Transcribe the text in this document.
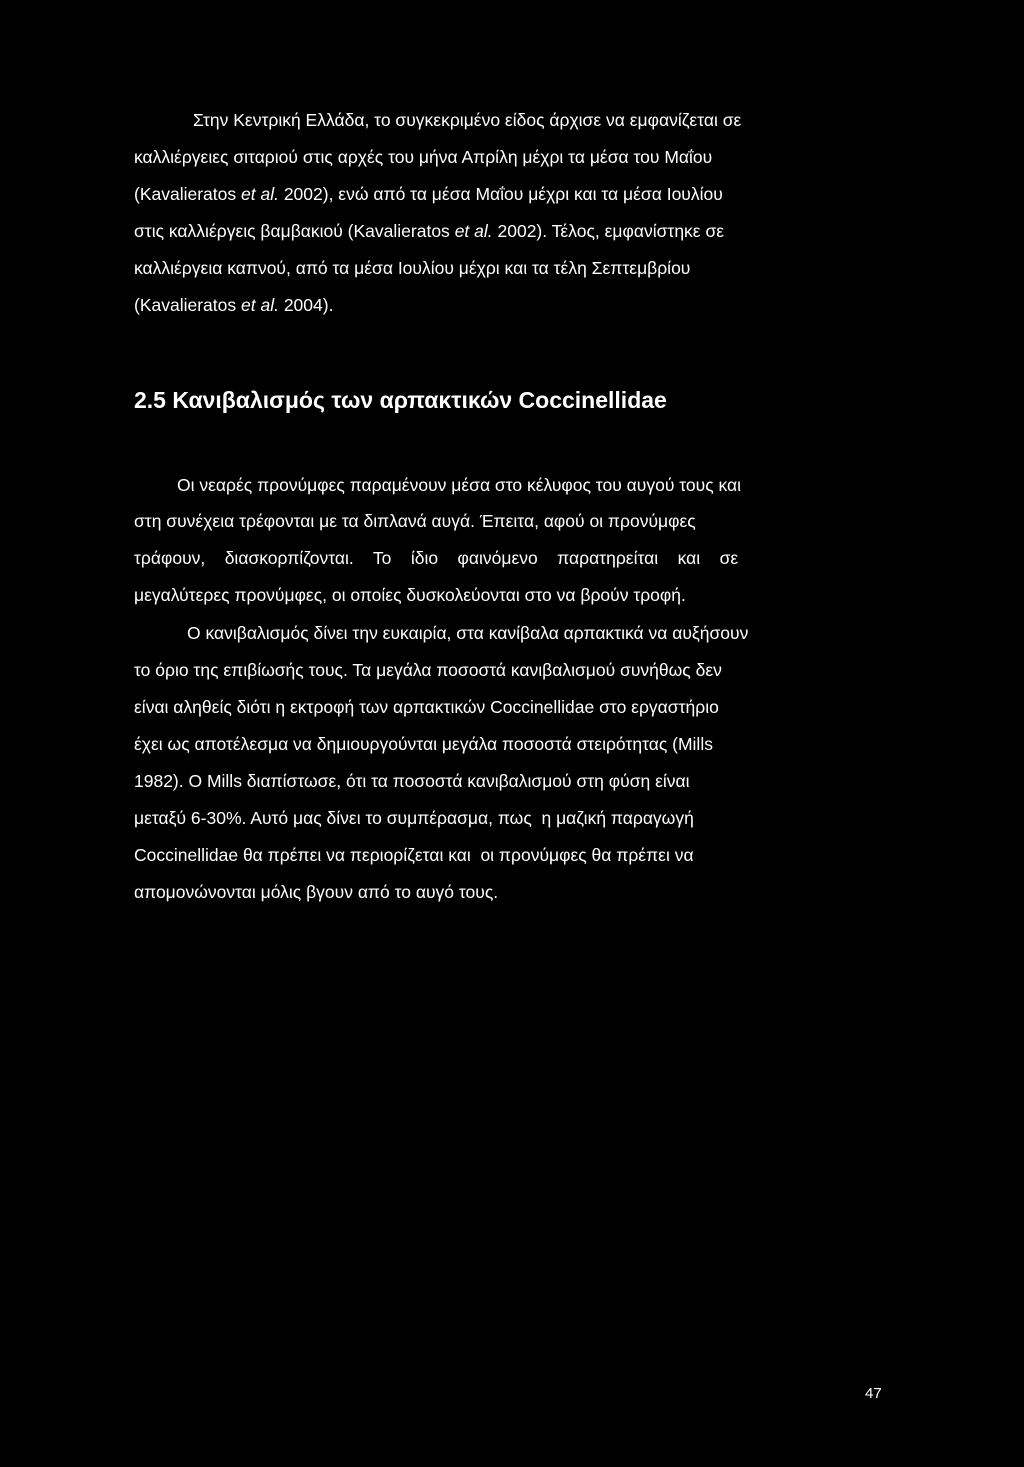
Στην Κεντρική Ελλάδα, το συγκεκριμένο είδος άρχισε να εμφανίζεται σε
καλλιέργειες σιταριού στις αρχές του μήνα Απρίλη μέχρι τα μέσα του Μαΐου
(Kavalieratos et al. 2002), ενώ από τα μέσα Μαΐου μέχρι και τα μέσα Ιουλίου
στις καλλιέργεις βαμβακιού (Kavalieratos et al. 2002). Τέλος, εμφανίστηκε σε
καλλιέργεια καπνού, από τα μέσα Ιουλίου μέχρι και τα τέλη Σεπτεμβρίου
(Kavalieratos et al. 2004).
2.5 Κανιβαλισμός των αρπακτικών Coccinellidae
Οι νεαρές προνύμφες παραμένουν μέσα στο κέλυφος του αυγού τους και
στη συνέχεια τρέφονται με τα διπλανά αυγά. Έπειτα, αφού οι προνύμφες
τράφουν,    διασκορπίζονται.    Το    ίδιο    φαινόμενο    παρατηρείται    και    σε
μεγαλύτερες προνύμφες, οι οποίες δυσκολεύονται στο να βρούν τροφή.
Ο κανιβαλισμός δίνει την ευκαιρία, στα κανίβαλα αρπακτικά να αυξήσουν
το όριο της επιβίωσής τους. Τα μεγάλα ποσοστά κανιβαλισμού συνήθως δεν
είναι αληθείς διότι η εκτροφή των αρπακτικών Coccinellidae στο εργαστήριο
έχει ως αποτέλεσμα να δημιουργούνται μεγάλα ποσοστά στειρότητας (Mills
1982). Ο Mills διαπίστωσε, ότι τα ποσοστά κανιβαλισμού στη φύση είναι
μεταξύ 6-30%. Αυτό μας δίνει το συμπέρασμα, πως  η μαζική παραγωγή
Coccinellidae θα πρέπει να περιορίζεται και  οι προνύμφες θα πρέπει να
απομονώνονται μόλις βγουν από το αυγό τους.
47
